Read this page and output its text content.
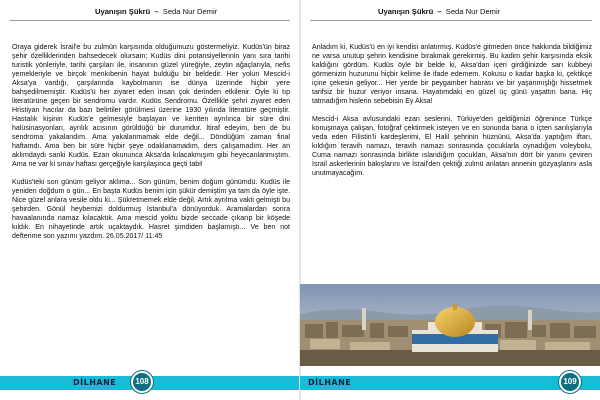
Uyanışın Şükrü – Seda Nur Demir

Oraya giderek İsrail'e bu zulmün karşısında olduğumuzu göstermeliyiz. Kudüs'ün biraz şehir özelliklerinden bahsedecek olursam; Kudüs dini potansiyellerinin yanı sıra tarihi turistik yönleriyle, tarihi çarşıları ile, insanının güzel yüreğiyle, zeytin ağaçlarıyla, nefis yemekleriyle ve birçok menkıbenin hayat bulduğu bir beldedir. Her yolun Mescid-i Aksa'ya vardığı, çarşılarında kaybolmanın ise dünya üzerinde hiçbir yere bahşedilmemiştir. Kudüs'ü her ziyaret eden insan çok derinden etkilenir. Öyle ki tıp literatürüne geçen bir sendromu vardır. Kudüs Sendromu. Özellikle şehri ziyaret eden Hristiyan hacılar da bazı belirtiler görülmesi üzerine 1930 yılında literatüre geçmiştir. Hastalık kişinin Kudüs'e gelmesiyle başlayan ve kentten ayrılınca bir süre dini halüsinasyonları, ayrılık acısının görüldüğü bir durumdur. İtiraf edeyim, ben de bu sendroma yakalandım. Ama yakalanmamak elde değil... Döndüğüm zaman final haftamdı. Ama ben bir süre hiçbir şeye odaklanamadım, ders çalışamadım. Her an aklımdaydı sanki Kudüs. Ezan okununca Aksa'da kılacakmışım gibi heyecanlanmıştım. Ama ne var ki sınav haftası gerçeğiyle karşılaşınca geçti tabi!

Kudüs'teki son günüm geliyor aklıma... Son günüm, benim doğum günümdü. Kudüs ile yeniden doğdum o gün... En başta Kudüs benim için şükür demiştim ya tam da öyle işte. Nice güzel anlara vesile oldu ki... Şükretmemek elde değil. Artık ayrılma vakti gelmişti bu şehirden. Gönül heybemizi doldurmuş İstanbul'a dönüyorduk. Aramalardan sonra havaalanında namaz kılacaktık. Ama mescid yoktu bizde seccade çıkarıp bir köşede kıldık. En nihayetinde artık uçaktaydık. Hasret şimdiden başlamıştı... Ve ben not defterime son yazımı yazdım. 26.05.2017/ 11:45

DİLHANE	108
Uyanışın Şükrü – Seda Nur Demir

Anladım ki, Kudüs'ü en iyi kendisi anlatırmış. Kudüs'e gitmeden önce hakkında bildiğimiz ne varsa unutup şehrin kendisine bırakmak gerekirmiş. Bu kadim şehir karşısında eksik kaldığını gördüm. Kudüs öyle bir belde ki, Aksa'dan içeri girdiğinizde sarı kubbeyi görmenizin huzurunu hiçbir kelime ile ifade edemem. Kokusu o kadar başka ki, çektikçe içine çekesin geliyor... Her yerde bir peygamber hatırası ve bir yaşanmışlığı hissetmek tarifsiz bir huzur veriyor insana. Hayatımdaki en güzel üç günü yaşattın bana. Hiç tatmadığım hislerin sebebisin Ey Aksa!

Mescid-i Aksa avlusundaki ezan seslerini, Türkiye'den geldiğimizi öğrenince Türkçe konuşmaya çalışan, fotoğraf çektirmek isteyen ve en sonunda bana o içten sarılışlarıyla veda eden Filistin'li kardeşlerimi, El Halil şehrinin hüznünü, Aksa'da yaptığım iftarı, kıldığım teravih namazı, teravih namazı sonrasında çocuklarla oynadığım voleybolu, Cuma namazı sonrasında birlikte ıslandığım çocukları, Aksa'nın dört bir yanını çeviren İsrail askerlerinin bakışlarını ve İsrail'den çektiği zulmü anlatan annenin gözyaşlarını asla unutmayacağım.

DİLHANE	109
